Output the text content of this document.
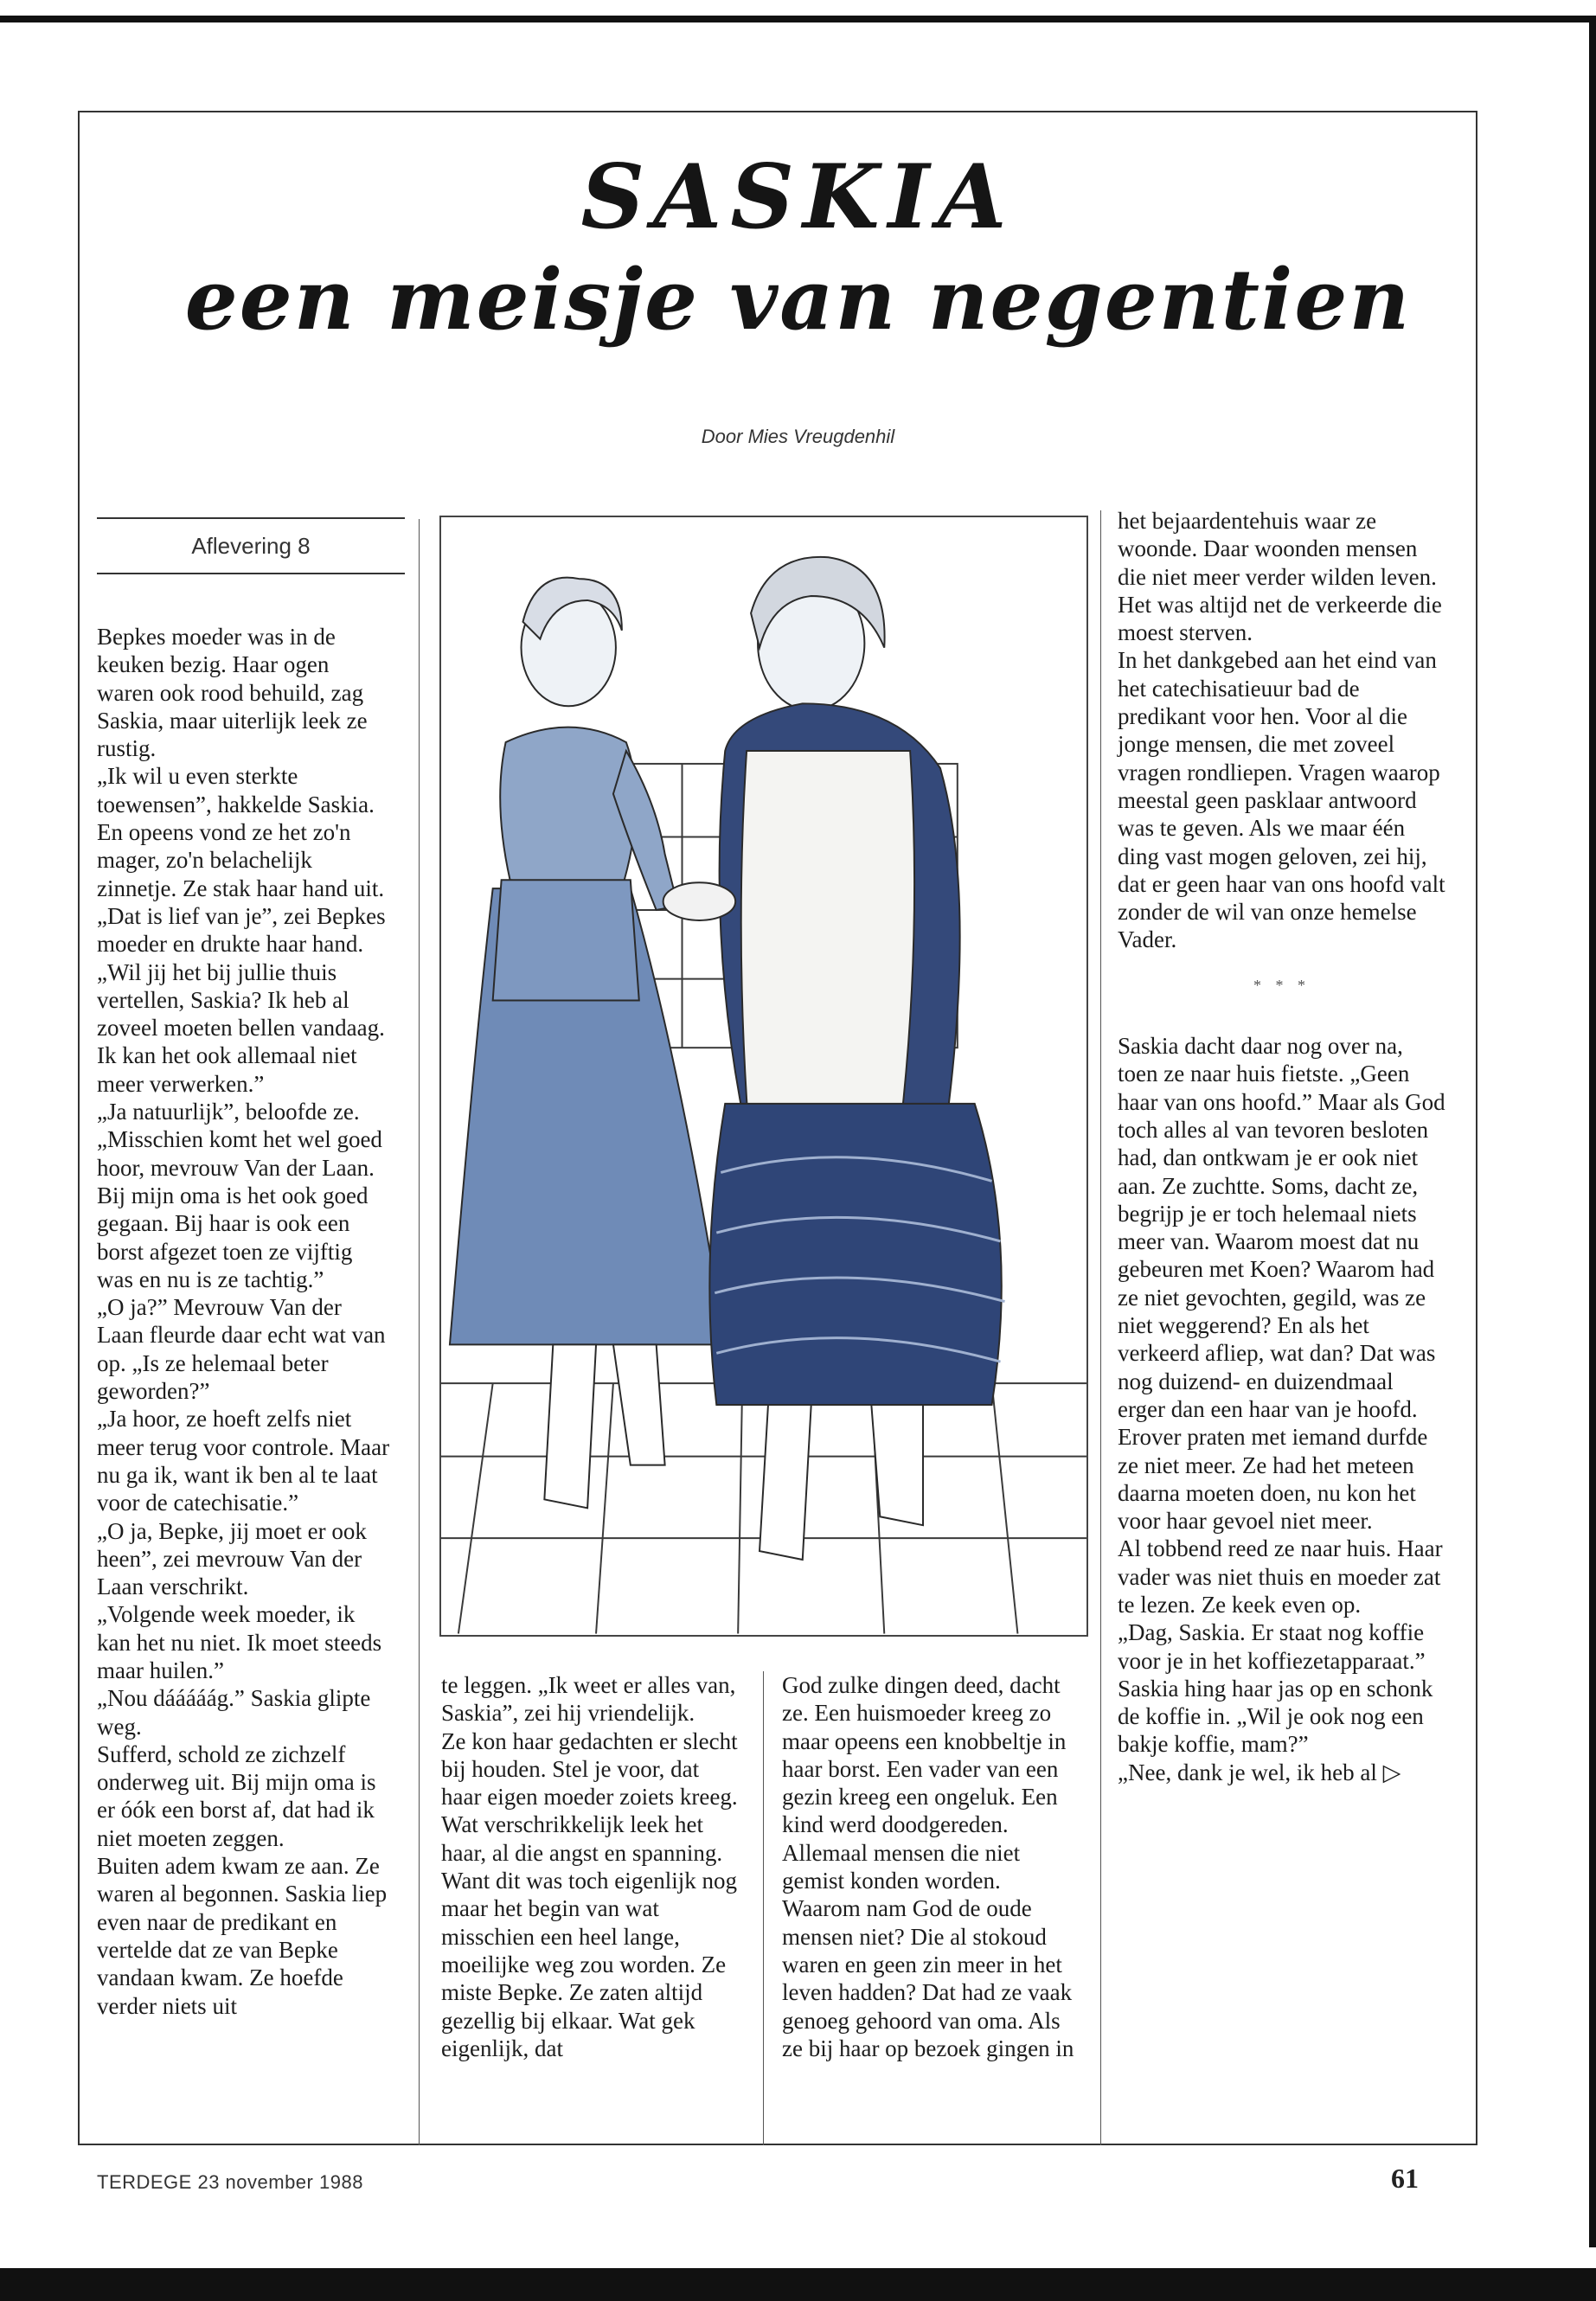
SASKIA
een meisje van negentien
Door Mies Vreugdenhil
Aflevering 8

Bepkes moeder was in de keuken bezig. Haar ogen waren ook rood behuild, zag Saskia, maar uiterlijk leek ze rustig.

„Ik wil u even sterkte toewensen”, hakkelde Saskia. En opeens vond ze het zo'n mager, zo'n belachelijk zinnetje. Ze stak haar hand uit.

„Dat is lief van je”, zei Bepkes moeder en drukte haar hand. „Wil jij het bij jullie thuis vertellen, Saskia? Ik heb al zoveel moeten bellen vandaag. Ik kan het ook allemaal niet meer verwerken.”

„Ja natuurlijk”, beloofde ze. „Misschien komt het wel goed hoor, mevrouw Van der Laan. Bij mijn oma is het ook goed gegaan. Bij haar is ook een borst afgezet toen ze vijftig was en nu is ze tachtig.”

„O ja?” Mevrouw Van der Laan fleurde daar echt wat van op. „Is ze helemaal beter geworden?”

„Ja hoor, ze hoeft zelfs niet meer terug voor controle. Maar nu ga ik, want ik ben al te laat voor de catechisatie.”

„O ja, Bepke, jij moet er ook heen”, zei mevrouw Van der Laan verschrikt.

„Volgende week moeder, ik kan het nu niet. Ik moet steeds maar huilen.”

„Nou dááááág.” Saskia glipte weg.

Sufferd, schold ze zichzelf onderweg uit. Bij mijn oma is er óók een borst af, dat had ik niet moeten zeggen.

Buiten adem kwam ze aan. Ze waren al begonnen. Saskia liep even naar de predikant en vertelde dat ze van Bepke vandaan kwam. Ze hoefde verder niets uit

te leggen. „Ik weet er alles van, Saskia”, zei hij vriendelijk.

Ze kon haar gedachten er slecht bij houden. Stel je voor, dat haar eigen moeder zoiets kreeg. Wat verschrikkelijk leek het haar, al die angst en spanning.

Want dit was toch eigenlijk nog maar het begin van wat misschien een heel lange, moeilijke weg zou worden. Ze miste Bepke. Ze zaten altijd gezellig bij elkaar. Wat gek eigenlijk, dat

God zulke dingen deed, dacht ze. Een huismoeder kreeg zo maar opeens een knobbeltje in haar borst. Een vader van een gezin kreeg een ongeluk. Een kind werd doodgereden. Allemaal mensen die niet gemist konden worden.

Waarom nam God de oude mensen niet? Die al stokoud waren en geen zin meer in het leven hadden? Dat had ze vaak genoeg gehoord van oma. Als ze bij haar op bezoek gingen in

het bejaardentehuis waar ze woonde. Daar woonden mensen die niet meer verder wilden leven. Het was altijd net de verkeerde die moest sterven.

In het dankgebed aan het eind van het catechisatieuur bad de predikant voor hen. Voor al die jonge mensen, die met zoveel vragen rondliepen. Vragen waarop meestal geen pasklaar antwoord was te geven. Als we maar één ding vast mogen geloven, zei hij, dat er geen haar van ons hoofd valt zonder de wil van onze hemelse Vader.

* * *

Saskia dacht daar nog over na, toen ze naar huis fietste. „Geen haar van ons hoofd.” Maar als God toch alles al van tevoren besloten had, dan ontkwam je er ook niet aan. Ze zuchtte. Soms, dacht ze, begrijp je er toch helemaal niets meer van. Waarom moest dat nu gebeuren met Koen? Waarom had ze niet gevochten, gegild, was ze niet weggerend? En als het verkeerd afliep, wat dan? Dat was nog duizend- en duizendmaal erger dan een haar van je hoofd. Erover praten met iemand durfde ze niet meer. Ze had het meteen daarna moeten doen, nu kon het voor haar gevoel niet meer.

Al tobbend reed ze naar huis. Haar vader was niet thuis en moeder zat te lezen. Ze keek even op.

„Dag, Saskia. Er staat nog koffie voor je in het koffiezetapparaat.”

Saskia hing haar jas op en schonk de koffie in. „Wil je ook nog een bakje koffie, mam?”

„Nee, dank je wel, ik heb al ▷

TERDEGE 23 november 1988	61
